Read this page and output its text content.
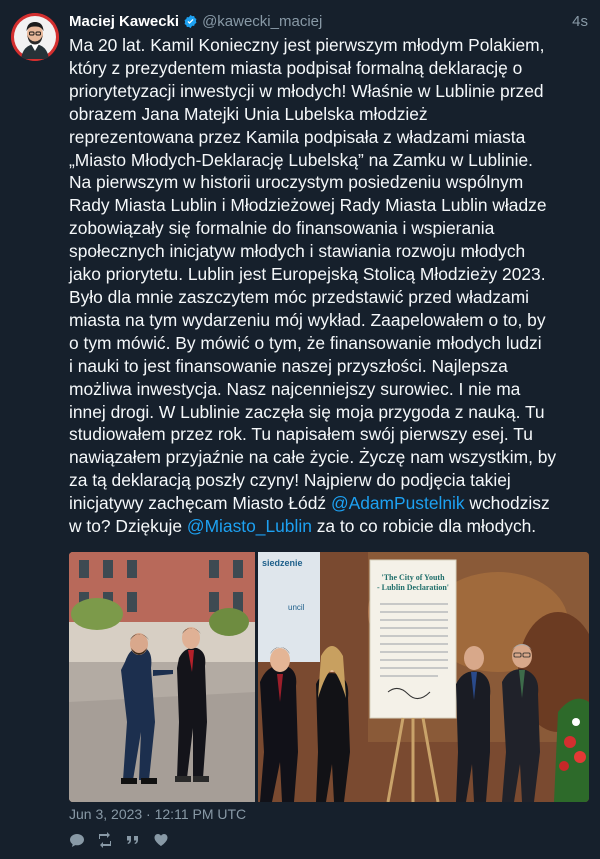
Maciej Kawecki @kawecki_maciej	4s
Ma 20 lat. Kamil Konieczny jest pierwszym młodym Polakiem,
który z prezydentem miasta podpisał formalną deklarację o
priorytetyzacji inwestycji w młodych! Właśnie w Lublinie przed
obrazem Jana Matejki Unia Lubelska młodzież
reprezentowana przez Kamila podpisała z władzami miasta
„Miasto Młodych-Deklarację Lubelską” na Zamku w Lublinie.
Na pierwszym w historii uroczystym posiedzeniu wspólnym
Rady Miasta Lublin i Młodzieżowej Rady Miasta Lublin władze
zobowiązały się formalnie do finansowania i wspierania
społecznych inicjatyw młodych i stawiania rozwoju młodych
jako priorytetu. Lublin jest Europejską Stolicą Młodzieży 2023.
Było dla mnie zaszczytem móc przedstawić przed władzami
miasta na tym wydarzeniu mój wykład. Zaapelowałem o to, by
o tym mówić. By mówić o tym, że finansowanie młodych ludzi
i nauki to jest finansowanie naszej przyszłości. Najlepsza
możliwa inwestycja. Nasz najcenniejszy surowiec. I nie ma
innej drogi. W Lublinie zaczęła się moja przygoda z nauką. Tu
studiowałem przez rok. Tu napisałem swój pierwszy esej. Tu
nawiązałem przyjaźnie na całe życie. Życzę nam wszystkim, by
za tą deklaracją poszły czyny! Najpierw do podjęcia takiej
inicjatywy zachęcam Miasto Łódź @AdamPustelnik wchodzisz
w to? Dziękuje @Miasto_Lublin za to co robicie dla młodych.
siedzenie
uncil
'The City of Youth
- Lublin Declaration'
Jun 3, 2023 · 12:11 PM UTC
